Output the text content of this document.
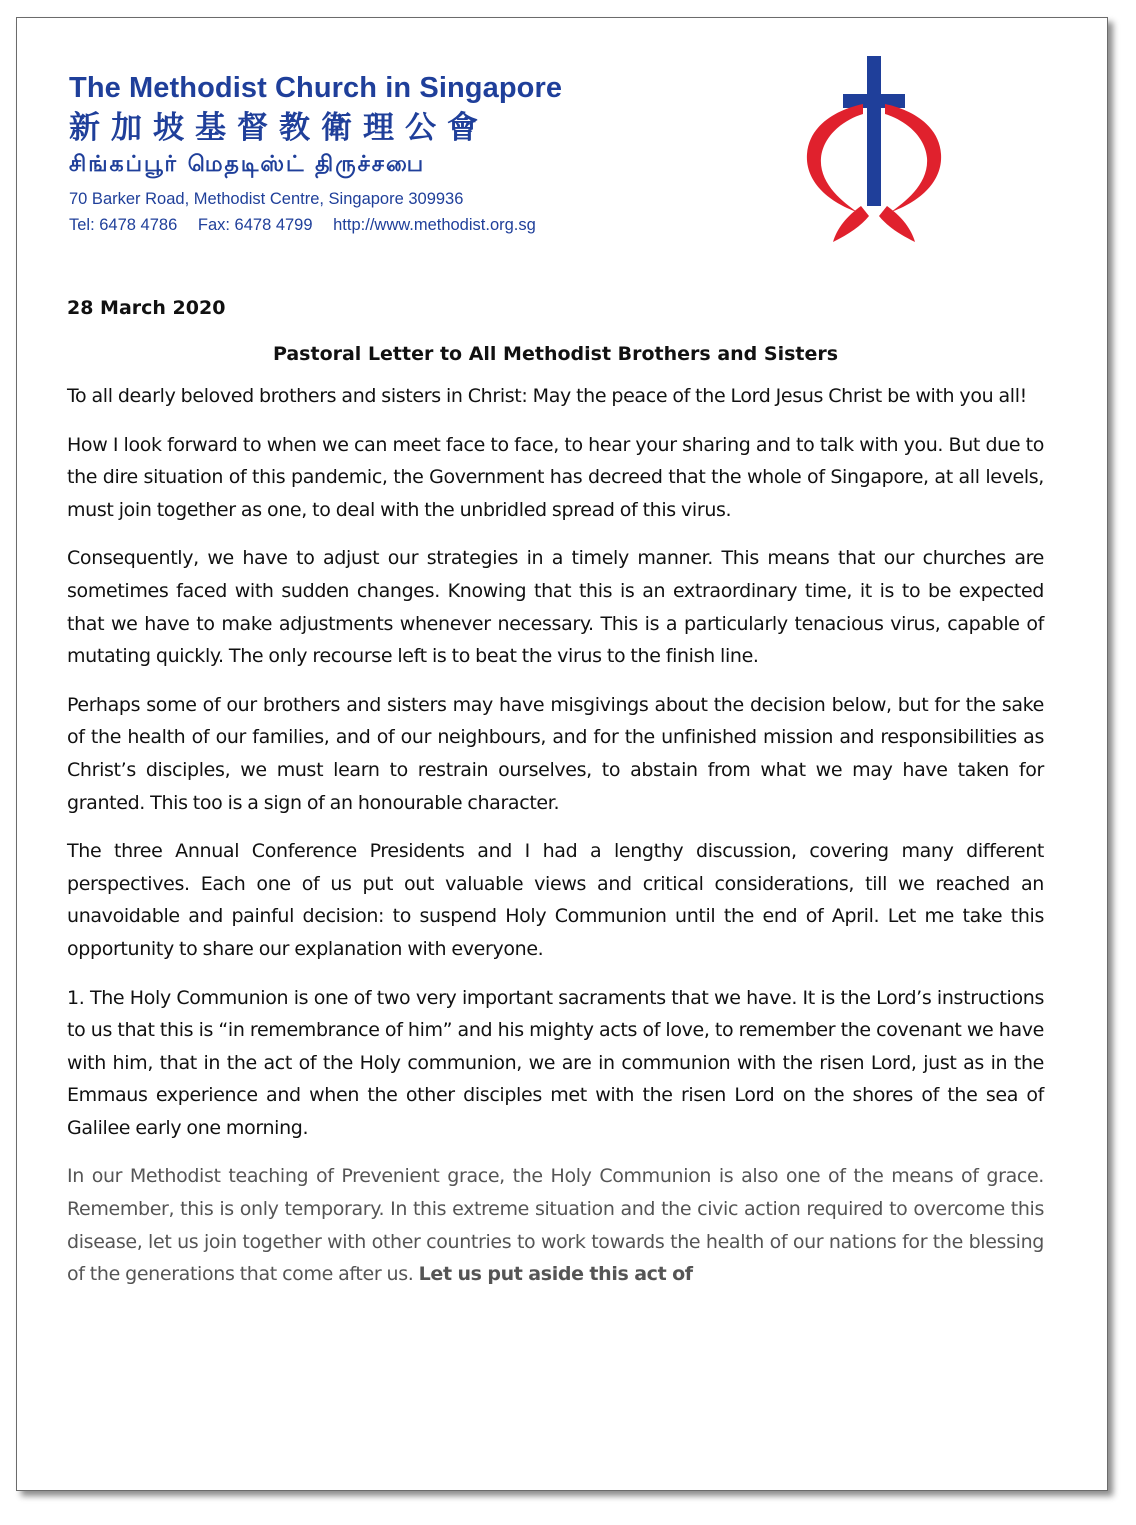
The Methodist Church in Singapore
新加坡基督教衛理公會
சிங்கப்பூர் மெதடிஸ்ட் திருச்சபை
70 Barker Road, Methodist Centre, Singapore 309936
Tel: 6478 4786 Fax: 6478 4799 http://www.methodist.org.sg
28 March 2020
Pastoral Letter to All Methodist Brothers and Sisters

To all dearly beloved brothers and sisters in Christ: May the peace of the Lord Jesus Christ be with you all!

How I look forward to when we can meet face to face, to hear your sharing and to talk with you. But due to the dire situation of this pandemic, the Government has decreed that the whole of Singapore, at all levels, must join together as one, to deal with the unbridled spread of this virus.

Consequently, we have to adjust our strategies in a timely manner. This means that our churches are sometimes faced with sudden changes. Knowing that this is an extraordinary time, it is to be expected that we have to make adjustments whenever necessary. This is a particularly tenacious virus, capable of mutating quickly. The only recourse left is to beat the virus to the finish line.

Perhaps some of our brothers and sisters may have misgivings about the decision below, but for the sake of the health of our families, and of our neighbours, and for the unfinished mission and responsibilities as Christ’s disciples, we must learn to restrain ourselves, to abstain from what we may have taken for granted. This too is a sign of an honourable character.

The three Annual Conference Presidents and I had a lengthy discussion, covering many different perspectives. Each one of us put out valuable views and critical considerations, till we reached an unavoidable and painful decision: to suspend Holy Communion until the end of April. Let me take this opportunity to share our explanation with everyone.

1. The Holy Communion is one of two very important sacraments that we have. It is the Lord’s instructions to us that this is “in remembrance of him” and his mighty acts of love, to remember the covenant we have with him, that in the act of the Holy communion, we are in communion with the risen Lord, just as in the Emmaus experience and when the other disciples met with the risen Lord on the shores of the sea of Galilee early one morning.

In our Methodist teaching of Prevenient grace, the Holy Communion is also one of the means of grace. Remember, this is only temporary. In this extreme situation and the civic action required to overcome this disease, let us join together with other countries to work towards the health of our nations for the blessing of the generations that come after us. Let us put aside this act of
